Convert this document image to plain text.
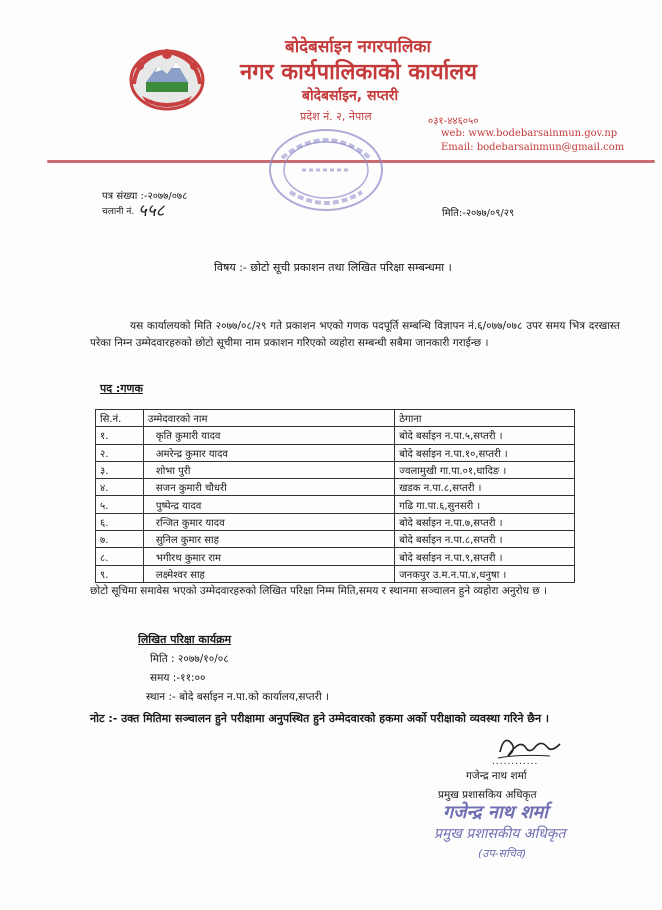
बोदेबर्साइन नगरपालिका
नगर कार्यपालिकाको कार्यालय
बोदेबर्साइन, सप्तरी
प्रदेश नं. २, नेपाल	०३१-४४६०५०
web: www.bodebarsainmun.gov.np
Email: bodebarsainmun@gmail.com
पत्र संख्या :-२०७७/०७८
चलानी नं. ५५८	मिति:-२०७७/०९/२९
विषय :- छोटो सूची प्रकाशन तथा लिखित परिक्षा सम्बन्धमा ।
यस कार्यालयको मिति २०७७/०८/२९ गते प्रकाशन भएको गणक पदपूर्ति सम्बन्धि विज्ञापन नं.६/०७७/०७८ उपर समय भित्र दरखास्त परेका निम्न उम्मेदवारहरुको छोटो सूचीमा नाम प्रकाशन गरिएको व्यहोरा सम्बन्धी सबैमा जानकारी गराईन्छ ।
पद :गणक
सि.नं.	उम्मेदवारको नाम	ठेगाना
१.	कृति कुमारी यादव	बोदे बर्साइन न.पा.५,सप्तरी ।
२.	अमरेन्द्र कुमार यादव	बोदे बर्साइन न.पा.१०,सप्तरी ।
३.	शोभा पुरी	ज्वलामुखी गा.पा.०१,धादिङ ।
४.	सजन कुमारी चौधरी	खडक न.पा.८,सप्तरी ।
५.	पुष्पेन्द्र यादव	गढि गा.पा.६,सुनसरी ।
६.	रन्जित कुमार यादव	बोदे बर्साइन न.पा.७,सप्तरी ।
७.	सुनिल कुमार साह	बोदे बर्साइन न.पा.८,सप्तरी ।
८.	भगीरथ कुमार राम	बोदे बर्साइन न.पा.९,सप्तरी ।
९.	लक्ष्मेश्वर साह	जनकपुर उ.म.न.पा.४,धनुषा ।
छोटो सूचिमा समावेस भएको उम्मेदवारहरुको लिखित परिक्षा निम्म मिति,समय र स्थानमा सञ्चालन हुने व्यहोरा अनुरोध छ ।
लिखित परिक्षा कार्यक्रम
मिति : २०७७/१०/०८
समय :-११:००
स्थान :- बोदे बर्साइन न.पा.को कार्यालय,सप्तरी ।
नोट :- उक्त मितिमा सञ्चालन हुने परीक्षामा अनुपस्थित हुने उम्मेदवारको हकमा अर्को परीक्षाको व्यवस्था गरिने छैन ।
............
गजेन्द्र नाथ शर्मा
प्रमुख प्रशासकिय अधिकृत
गजेन्द्र नाथ शर्मा
प्रमुख प्रशासकीय अधिकृत
(उप-सचिव)
